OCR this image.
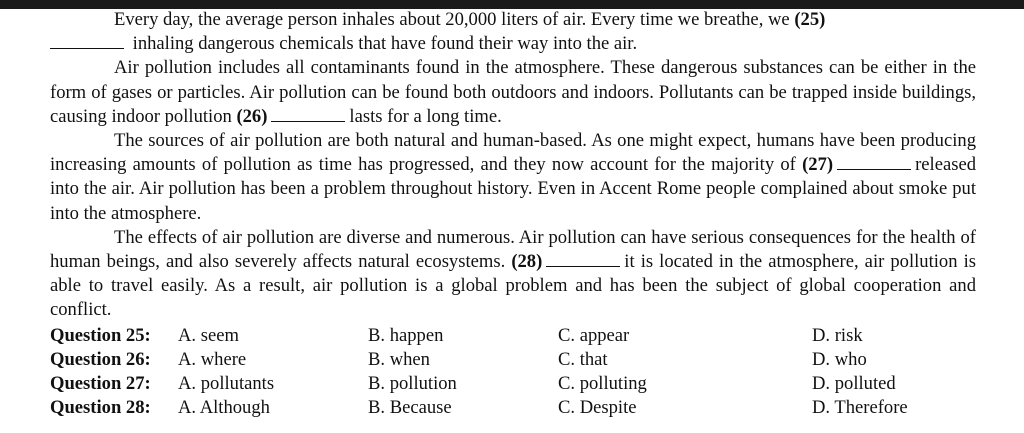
Every day, the average person inhales about 20,000 liters of air. Every time we breathe, we (25)
inhaling dangerous chemicals that have found their way into the air.

Air pollution includes all contaminants found in the atmosphere. These dangerous substances can be either in the form of gases or particles. Air pollution can be found both outdoors and indoors. Pollutants can be trapped inside buildings, causing indoor pollution (26)	lasts for a long time.

The sources of air pollution are both natural and human-based. As one might expect, humans have been producing increasing amounts of pollution as time has progressed, and they now account for the majority of (27)	released into the air. Air pollution has been a problem throughout history. Even in Accent Rome people complained about smoke put into the atmosphere.

The effects of air pollution are diverse and numerous. Air pollution can have serious consequences for the health of human beings, and also severely affects natural ecosystems. (28)	it is located in the atmosphere, air pollution is able to travel easily. As a result, air pollution is a global problem and has been the subject of global cooperation and conflict.

Question 25:	A. seem	B. happen	C. appear	D. risk
Question 26:	A. where	B. when	C. that	D. who
Question 27:	A. pollutants	B. pollution	C. polluting	D. polluted
Question 28:	A. Although	B. Because	C. Despite	D. Therefore
